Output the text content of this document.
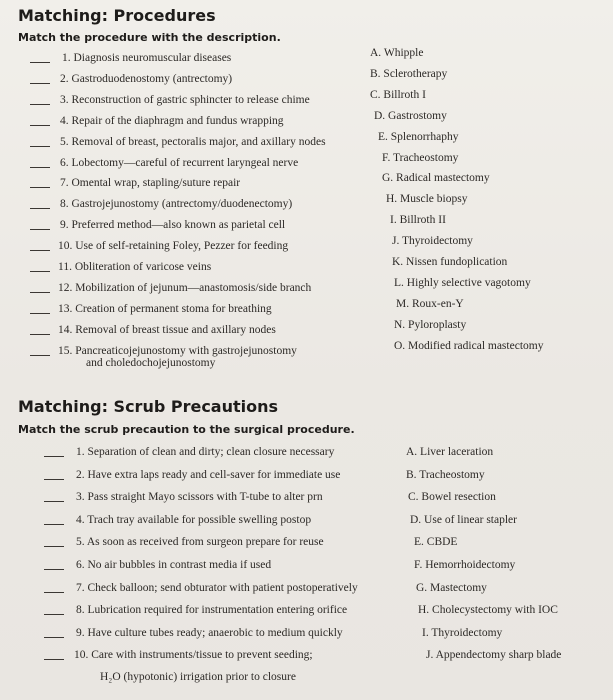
Matching: Procedures
Match the procedure with the description.
1. Diagnosis neuromuscular diseases
2. Gastroduodenostomy (antrectomy)
3. Reconstruction of gastric sphincter to release chime
4. Repair of the diaphragm and fundus wrapping
5. Removal of breast, pectoralis major, and axillary nodes
6. Lobectomy—careful of recurrent laryngeal nerve
7. Omental wrap, stapling/suture repair
8. Gastrojejunostomy (antrectomy/duodenectomy)
9. Preferred method—also known as parietal cell
10. Use of self-retaining Foley, Pezzer for feeding
11. Obliteration of varicose veins
12. Mobilization of jejunum—anastomosis/side branch
13. Creation of permanent stoma for breathing
14. Removal of breast tissue and axillary nodes
15. Pancreaticojejunostomy with gastrojejunostomy
and choledochojejunostomy
A. Whipple
B. Sclerotherapy
C. Billroth I
D. Gastrostomy
E. Splenorrhaphy
F. Tracheostomy
G. Radical mastectomy
H. Muscle biopsy
I. Billroth II
J. Thyroidectomy
K. Nissen fundoplication
L. Highly selective vagotomy
M. Roux-en-Y
N. Pyloroplasty
O. Modified radical mastectomy
Matching: Scrub Precautions
Match the scrub precaution to the surgical procedure.
1. Separation of clean and dirty; clean closure necessary
2. Have extra laps ready and cell-saver for immediate use
3. Pass straight Mayo scissors with T-tube to alter prn
4. Trach tray available for possible swelling postop
5. As soon as received from surgeon prepare for reuse
6. No air bubbles in contrast media if used
7. Check balloon; send obturator with patient postoperatively
8. Lubrication required for instrumentation entering orifice
9. Have culture tubes ready; anaerobic to medium quickly
10. Care with instruments/tissue to prevent seeding;
H₂O (hypotonic) irrigation prior to closure
A. Liver laceration
B. Tracheostomy
C. Bowel resection
D. Use of linear stapler
E. CBDE
F. Hemorrhoidectomy
G. Mastectomy
H. Cholecystectomy with IOC
I. Thyroidectomy
J. Appendectomy sharp blade
